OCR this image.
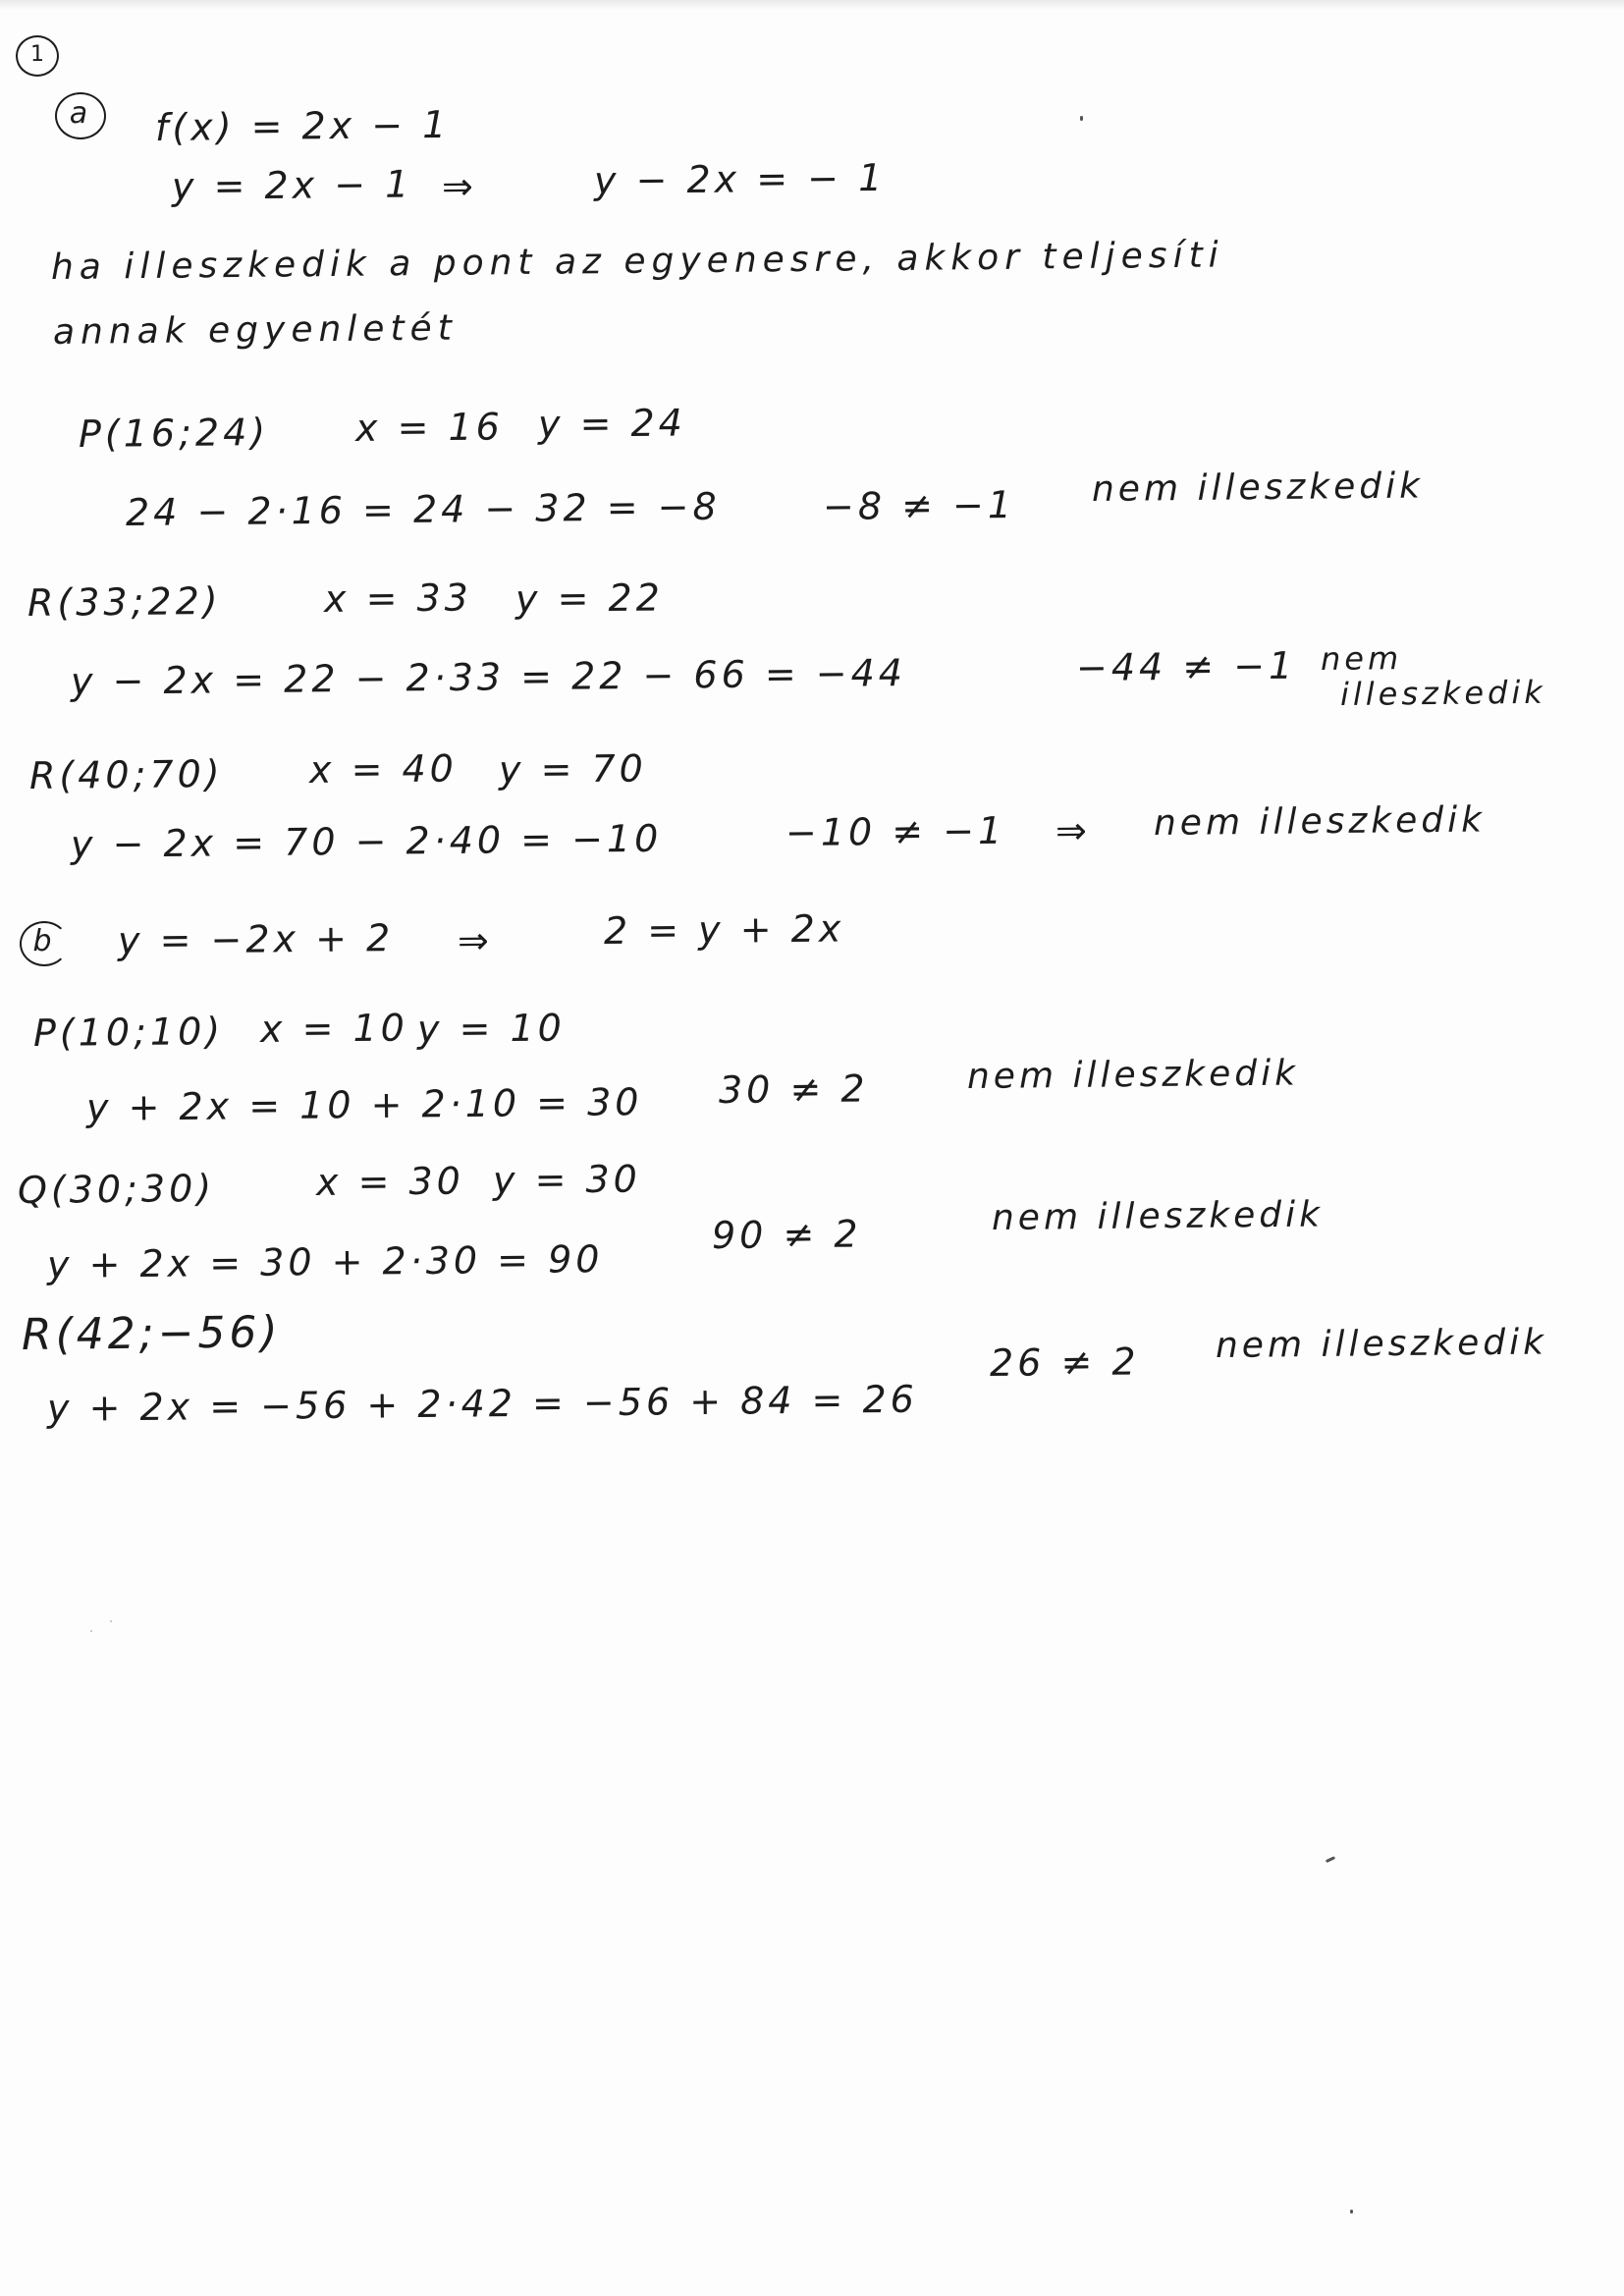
1
a	f(x) = 2x − 1
y = 2x − 1 ⇒	y − 2x = − 1
ha illeszkedik a pont az egyenesre, akkor teljesíti
annak egyenletét
P(16;24) x = 16 y = 24
24 − 2·16 = 24 − 32 = −8	−8 ≠ −1 nem illeszkedik
R(33;22)	x = 33 y = 22
y − 2x = 22 − 2·33 = 22 − 66 = −44	−44 ≠ −1 nem
illeszkedik
R(40;70) x = 40 y = 70
y − 2x = 70 − 2·40 = −10	−10 ≠ −1 ⇒ nem illeszkedik
b	y = −2x + 2 ⇒	2 = y + 2x
P(10;10) x = 10 y = 10
y + 2x = 10 + 2·10 = 30 30 ≠ 2	nem illeszkedik
Q(30;30)	x = 30 y = 30
y + 2x = 30 + 2·30 = 90
90 ≠ 2	nem illeszkedik
R(42;−56)
y + 2x = −56 + 2·42 = −56 + 84 = 26
26 ≠ 2 nem illeszkedik
